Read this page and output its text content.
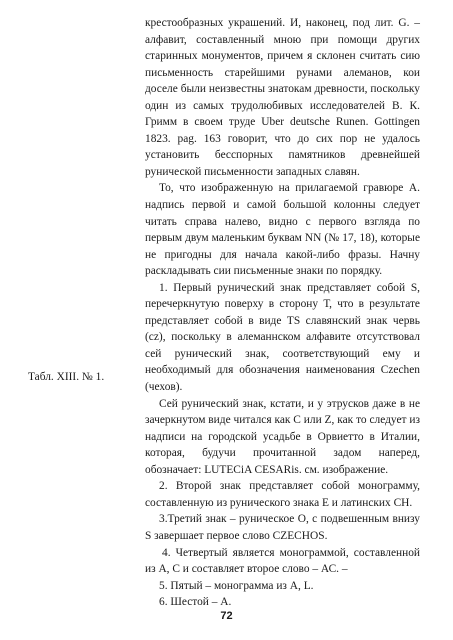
Табл. XIII. № 1.

крестообразных украшений. И, наконец, под лит. G. – алфавит, составленный мною при помощи других старинных монументов, причем я склонен считать сию письменность старейшими рунами алеманов, кои доселе были неизвестны знатокам древности, поскольку один из самых трудолюбивых исследователей В. К. Гримм в своем труде Uber deutsche Runen. Gottingen 1823. pag. 163 говорит, что до сих пор не удалось установить бесспорных памятников древнейшей рунической письменности западных славян.

То, что изображенную на прилагаемой гравюре А. надпись первой и самой большой колонны следует читать справа налево, видно с первого взгляда по первым двум маленьким буквам NN (№ 17, 18), которые не пригодны для начала какой-либо фразы. Начну раскладывать сии письменные знаки по порядку.

1. Первый рунический знак представляет собой S, перечеркнутую поверху в сторону Т, что в результате представляет собой в виде TS славянский знак червь (cz), поскольку в алеманнском алфавите отсутствовал сей рунический знак, соответствующий ему и необходимый для обозначения наименования Czechen (чехов).

Сей рунический знак, кстати, и у этрусков даже в не зачеркнутом виде читался как С или Z, как то следует из надписи на городской усадьбе в Орвиетто в Италии, которая, будучи прочитанной задом наперед, обозначает: LUTECiA CESARis. см. изображение.

2. Второй знак представляет собой монограмму, составленную из рунического знака Е и латинских СН.

3.Третий знак – руническое О, с подвешенным внизу S завершает первое слово CZECHOS.

4. Четвертый является монограммой, составленной из А, С и составляет второе слово – АС. –

5. Пятый – монограмма из А, L.

6. Шестой – А.

72
